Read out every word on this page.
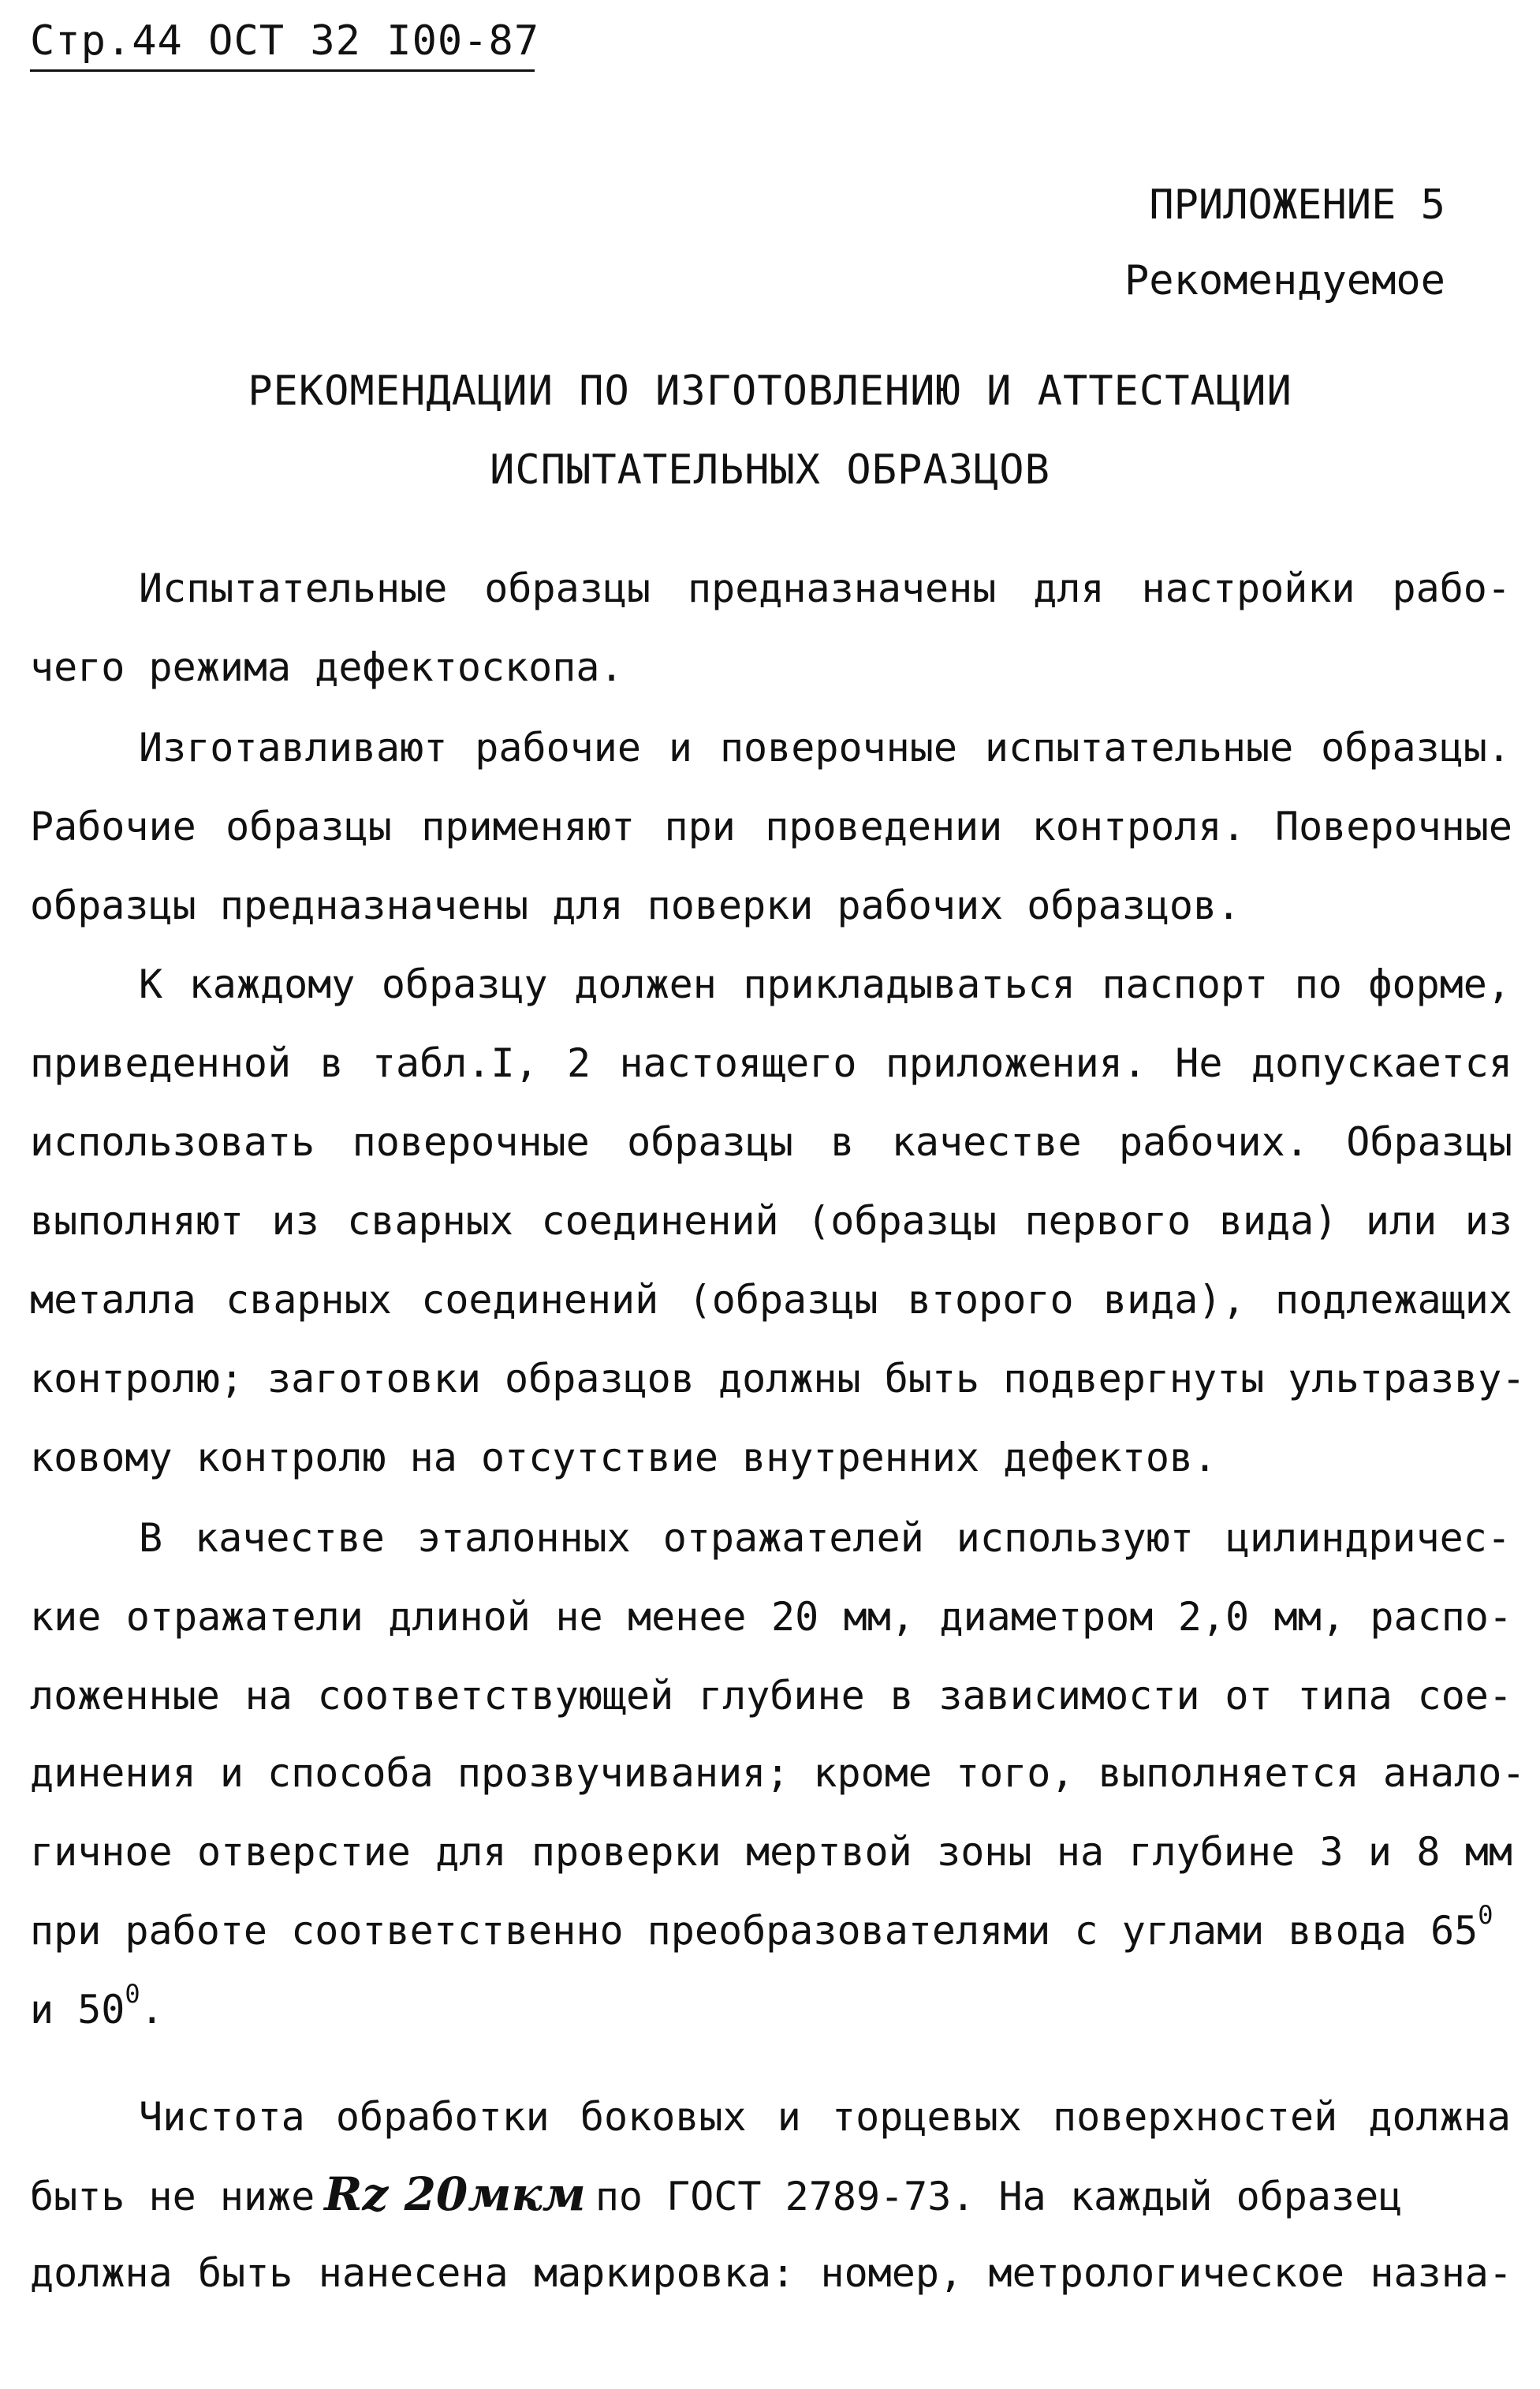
Стр.44 ОСТ 32 I00-87
ПРИЛОЖЕНИЕ 5
Рекомендуемое
РЕКОМЕНДАЦИИ ПО ИЗГОТОВЛЕНИЮ И АТТЕСТАЦИИ
ИСПЫТАТЕЛЬНЫХ ОБРАЗЦОВ
Испытательные образцы предназначены для настройки рабо-
чего режима дефектоскопа.
Изготавливают рабочие и поверочные испытательные образцы.
Рабочие образцы применяют при проведении контроля. Поверочные
образцы предназначены для поверки рабочих образцов.
К каждому образцу должен прикладываться паспорт по форме,
приведенной в табл.I, 2 настоящего приложения. Не допускается
использовать поверочные образцы в качестве рабочих. Образцы
выполняют из сварных соединений (образцы первого вида) или из
металла сварных соединений (образцы второго вида), подлежащих
контролю; заготовки образцов должны быть подвергнуты ультразву-
ковому контролю на отсутствие внутренних дефектов.
В качестве эталонных отражателей используют цилиндричес-
кие отражатели длиной не менее 20 мм, диаметром 2,0 мм, распо-
ложенные на соответствующей глубине в зависимости от типа сое-
динения и способа прозвучивания; кроме того, выполняется анало-
гичное отверстие для проверки мертвой зоны на глубине 3 и 8 мм
при работе соответственно преобразователями с углами ввода $65^0$
и $50^0$.
Чистота обработки боковых и торцевых поверхностей должна
быть не ниже Rz 20мкм по ГОСТ 2789-73. На каждый образец
должна быть нанесена маркировка: номер, метрологическое назна-
